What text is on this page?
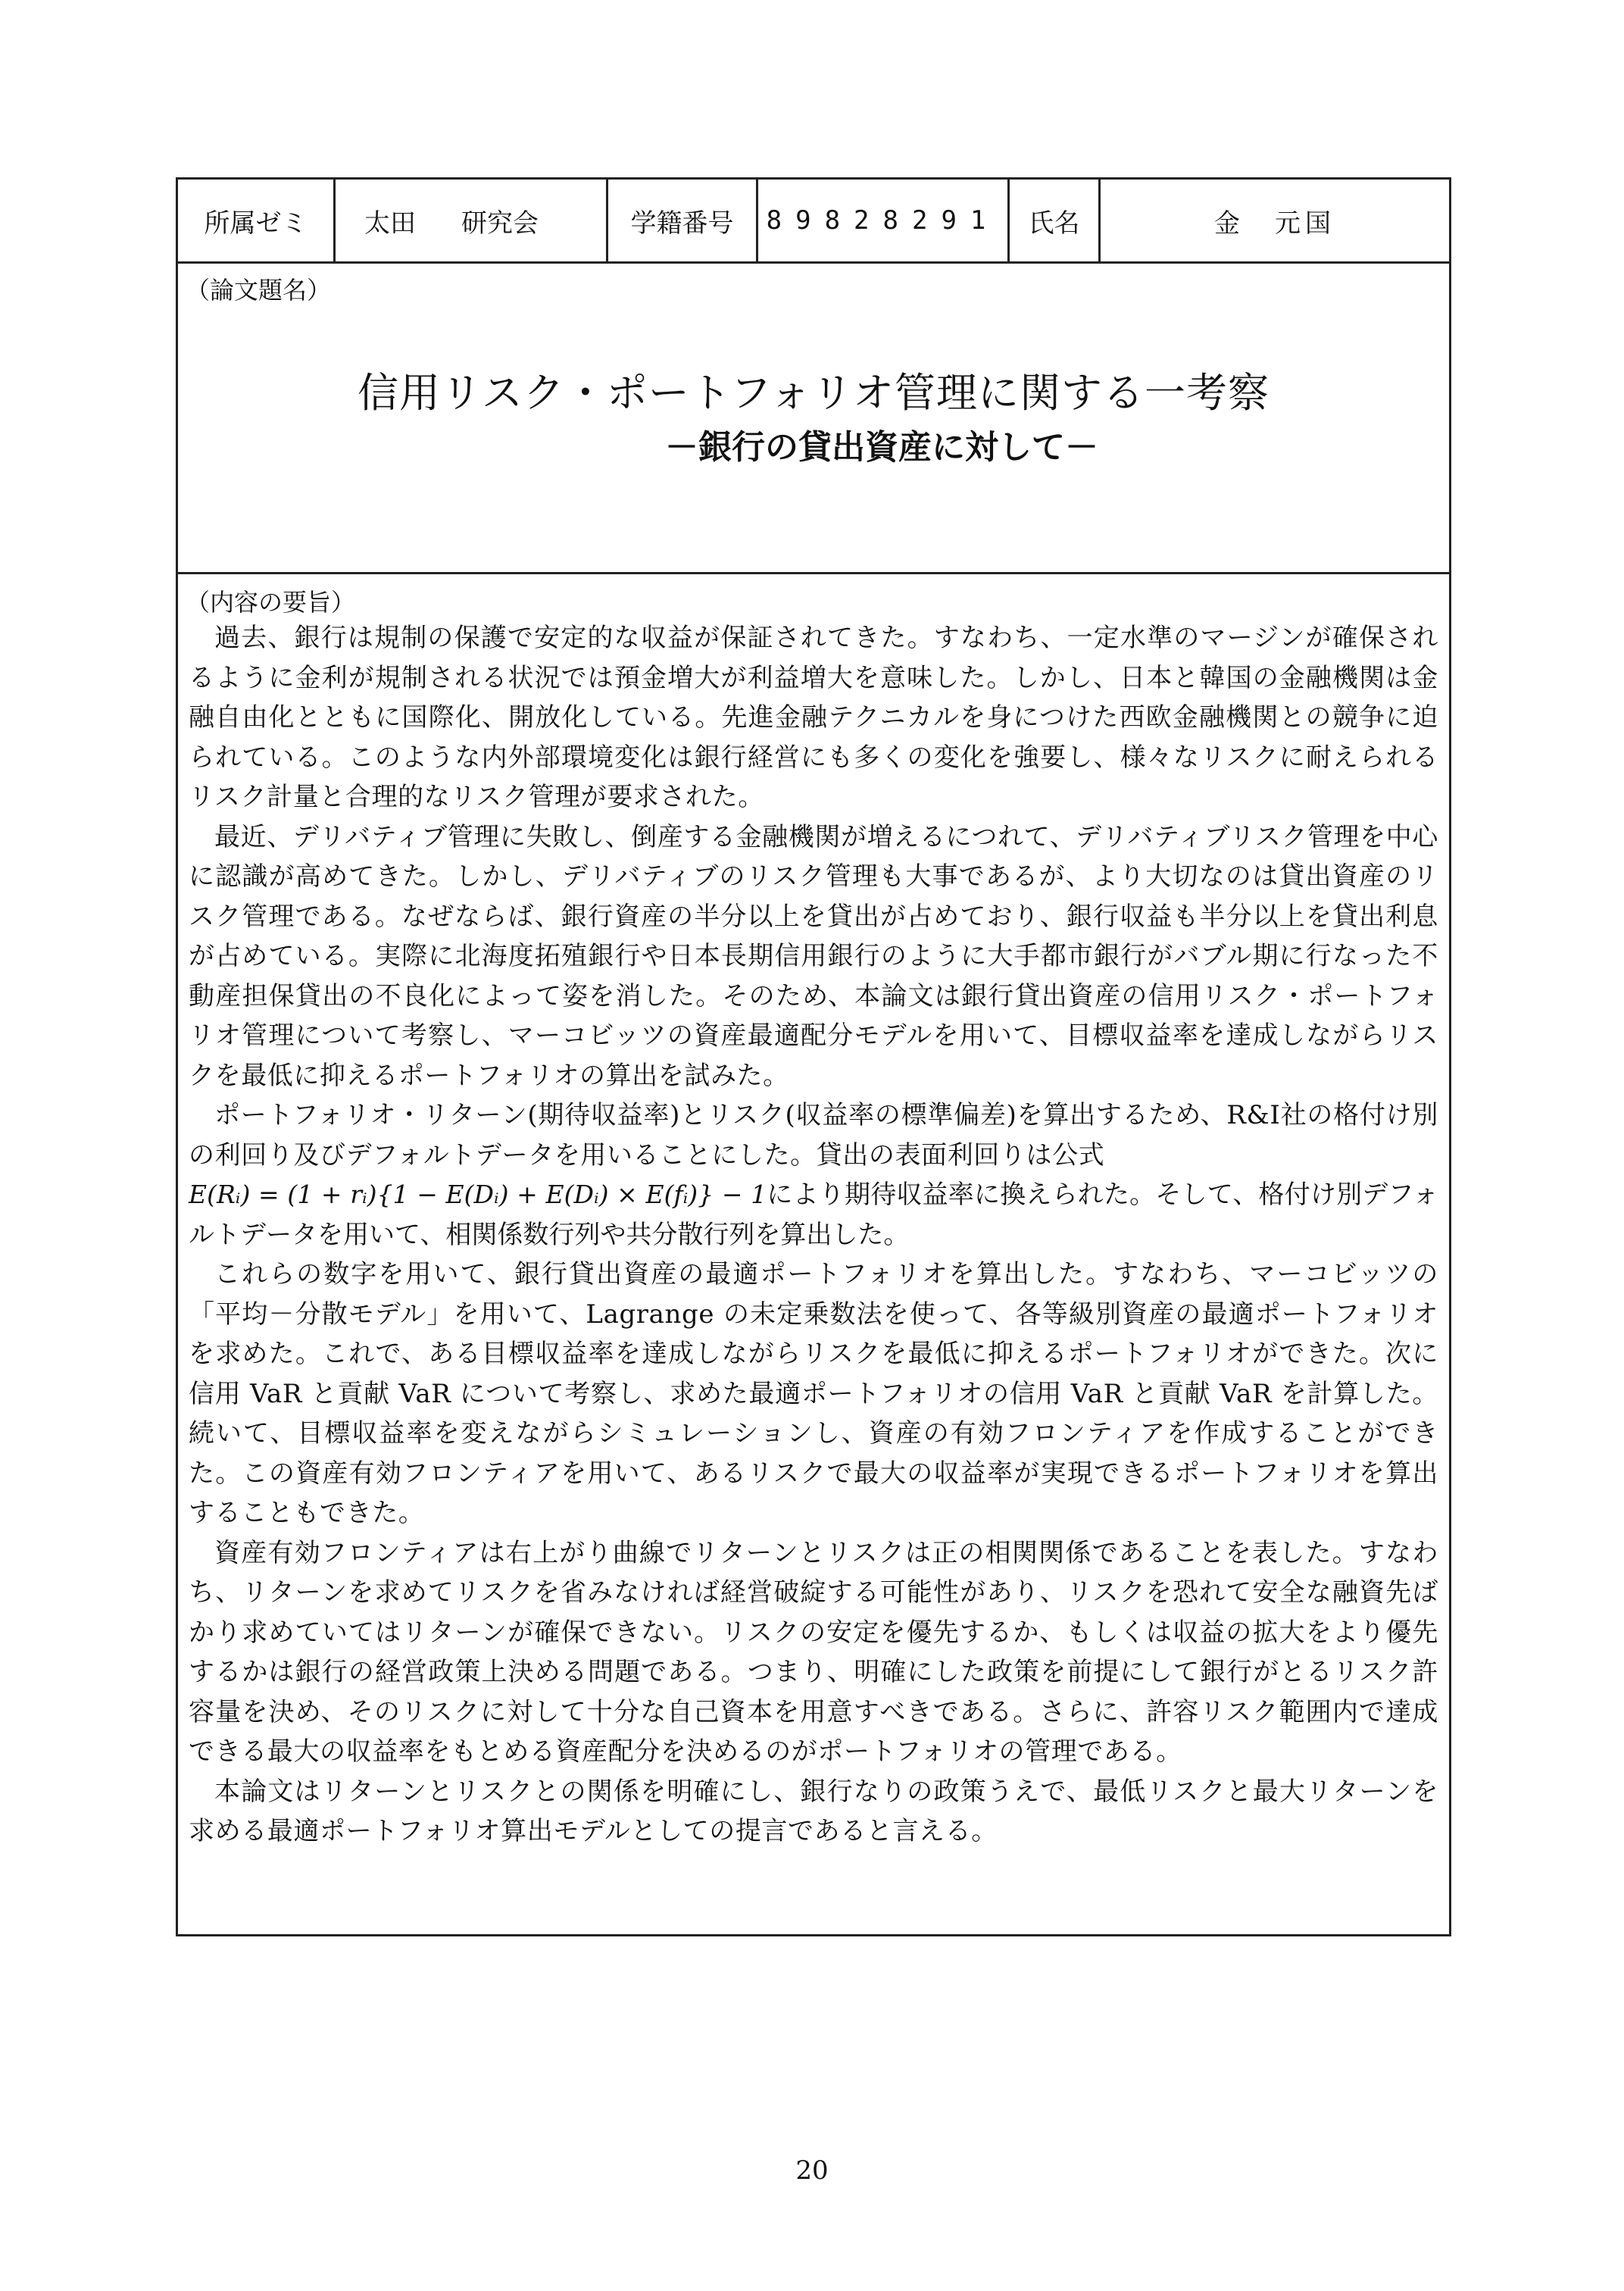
所属ゼミ	太田 研究会	学籍番号	89828291	氏名	金　元国
（論文題名）
信用リスク・ポートフォリオ管理に関する一考察
－銀行の貸出資産に対して－
（内容の要旨）

過去、銀行は規制の保護で安定的な収益が保証されてきた。すなわち、一定水準のマージンが確保されるように金利が規制される状況では預金増大が利益増大を意味した。しかし、日本と韓国の金融機関は金融自由化とともに国際化、開放化している。先進金融テクニカルを身につけた西欧金融機関との競争に迫られている。このような内外部環境変化は銀行経営にも多くの変化を強要し、様々なリスクに耐えられるリスク計量と合理的なリスク管理が要求された。

最近、デリバティブ管理に失敗し、倒産する金融機関が増えるにつれて、デリバティブリスク管理を中心に認識が高めてきた。しかし、デリバティブのリスク管理も大事であるが、より大切なのは貸出資産のリスク管理である。なぜならば、銀行資産の半分以上を貸出が占めており、銀行収益も半分以上を貸出利息が占めている。実際に北海度拓殖銀行や日本長期信用銀行のように大手都市銀行がバブル期に行なった不動産担保貸出の不良化によって姿を消した。そのため、本論文は銀行貸出資産の信用リスク・ポートフォリオ管理について考察し、マーコビッツの資産最適配分モデルを用いて、目標収益率を達成しながらリスクを最低に抑えるポートフォリオの算出を試みた。

ポートフォリオ・リターン(期待収益率)とリスク(収益率の標準偏差)を算出するため、R&I社の格付け別の利回り及びデフォルトデータを用いることにした。貸出の表面利回りは公式

E(Rᵢ) = (1 + rᵢ){1 − E(Dᵢ) + E(Dᵢ) × E(fᵢ)} − 1により期待収益率に換えられた。そして、格付け別デフォルトデータを用いて、相関係数行列や共分散行列を算出した。

これらの数字を用いて、銀行貸出資産の最適ポートフォリオを算出した。すなわち、マーコビッツの「平均－分散モデル」を用いて、Lagrange の未定乗数法を使って、各等級別資産の最適ポートフォリオを求めた。これで、ある目標収益率を達成しながらリスクを最低に抑えるポートフォリオができた。次に信用 VaR と貢献 VaR について考察し、求めた最適ポートフォリオの信用 VaR と貢献 VaR を計算した。続いて、目標収益率を変えながらシミュレーションし、資産の有効フロンティアを作成することができた。この資産有効フロンティアを用いて、あるリスクで最大の収益率が実現できるポートフォリオを算出することもできた。

資産有効フロンティアは右上がり曲線でリターンとリスクは正の相関関係であることを表した。すなわち、リターンを求めてリスクを省みなければ経営破綻する可能性があり、リスクを恐れて安全な融資先ばかり求めていてはリターンが確保できない。リスクの安定を優先するか、もしくは収益の拡大をより優先するかは銀行の経営政策上決める問題である。つまり、明確にした政策を前提にして銀行がとるリスク許容量を決め、そのリスクに対して十分な自己資本を用意すべきである。さらに、許容リスク範囲内で達成できる最大の収益率をもとめる資産配分を決めるのがポートフォリオの管理である。

本論文はリターンとリスクとの関係を明確にし、銀行なりの政策うえで、最低リスクと最大リターンを求める最適ポートフォリオ算出モデルとしての提言であると言える。

20
